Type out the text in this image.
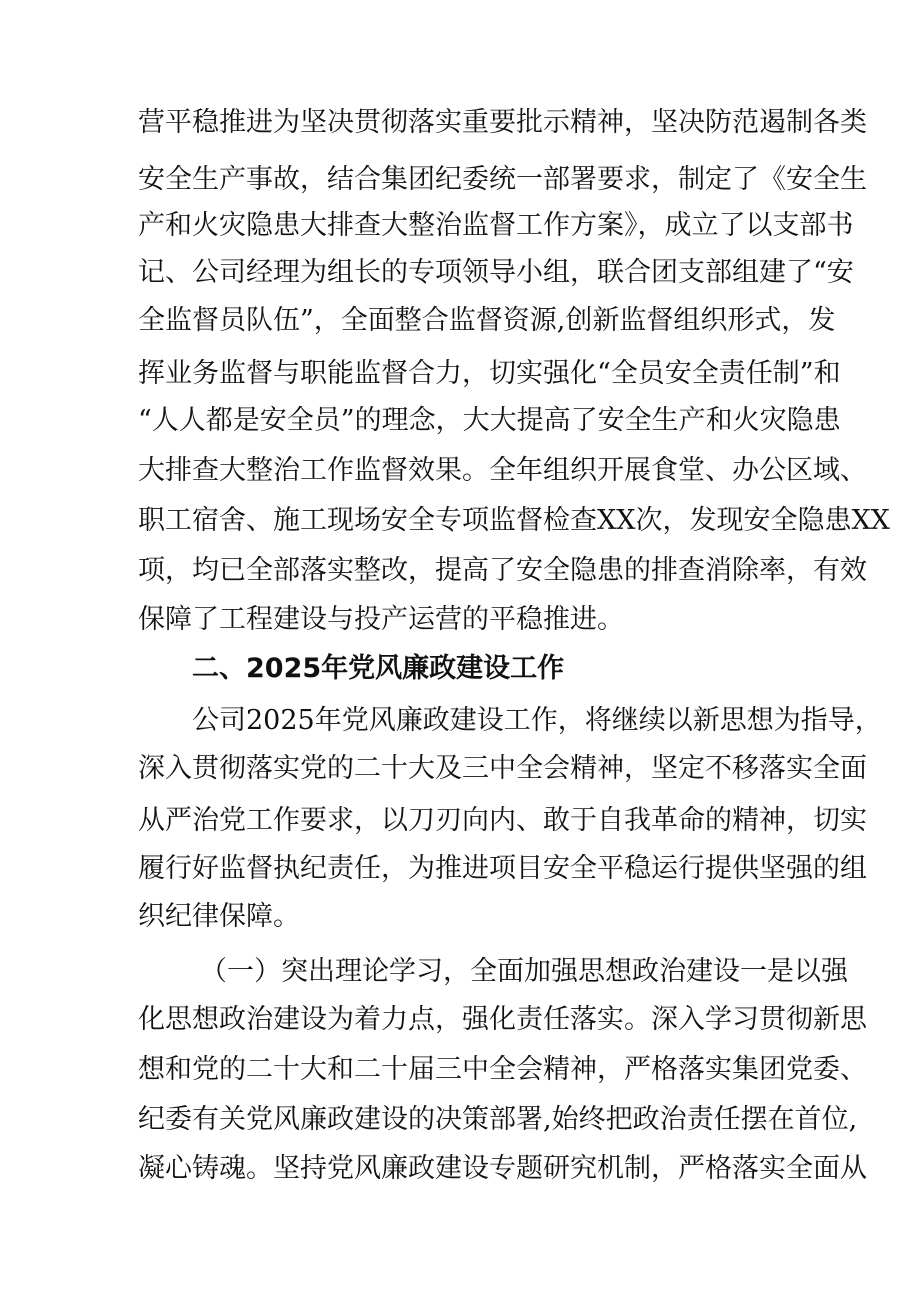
营平稳推进为坚决贯彻落实重要批示精神，坚决防范遏制各类
安全生产事故，结合集团纪委统一部署要求，制定了《安全生
产和火灾隐患大排查大整治监督工作方案》，成立了以支部书
记、公司经理为组长的专项领导小组，联合团支部组建了“安
全监督员队伍”，全面整合监督资源,创新监督组织形式，发
挥业务监督与职能监督合力，切实强化“全员安全责任制”和
“人人都是安全员”的理念，大大提高了安全生产和火灾隐患
大排查大整治工作监督效果。全年组织开展食堂、办公区域、
职工宿舍、施工现场安全专项监督检查XX次，发现安全隐患XX
项，均已全部落实整改，提高了安全隐患的排查消除率，有效
保障了工程建设与投产运营的平稳推进。
二、2025年党风廉政建设工作
公司2025年党风廉政建设工作，将继续以新思想为指导，
深入贯彻落实党的二十大及三中全会精神，坚定不移落实全面
从严治党工作要求，以刀刃向内、敢于自我革命的精神，切实
履行好监督执纪责任，为推进项目安全平稳运行提供坚强的组
织纪律保障。
（一）突出理论学习，全面加强思想政治建设一是以强
化思想政治建设为着力点，强化责任落实。深入学习贯彻新思
想和党的二十大和二十届三中全会精神，严格落实集团党委、
纪委有关党风廉政建设的决策部署,始终把政治责任摆在首位,
凝心铸魂。坚持党风廉政建设专题研究机制，严格落实全面从
